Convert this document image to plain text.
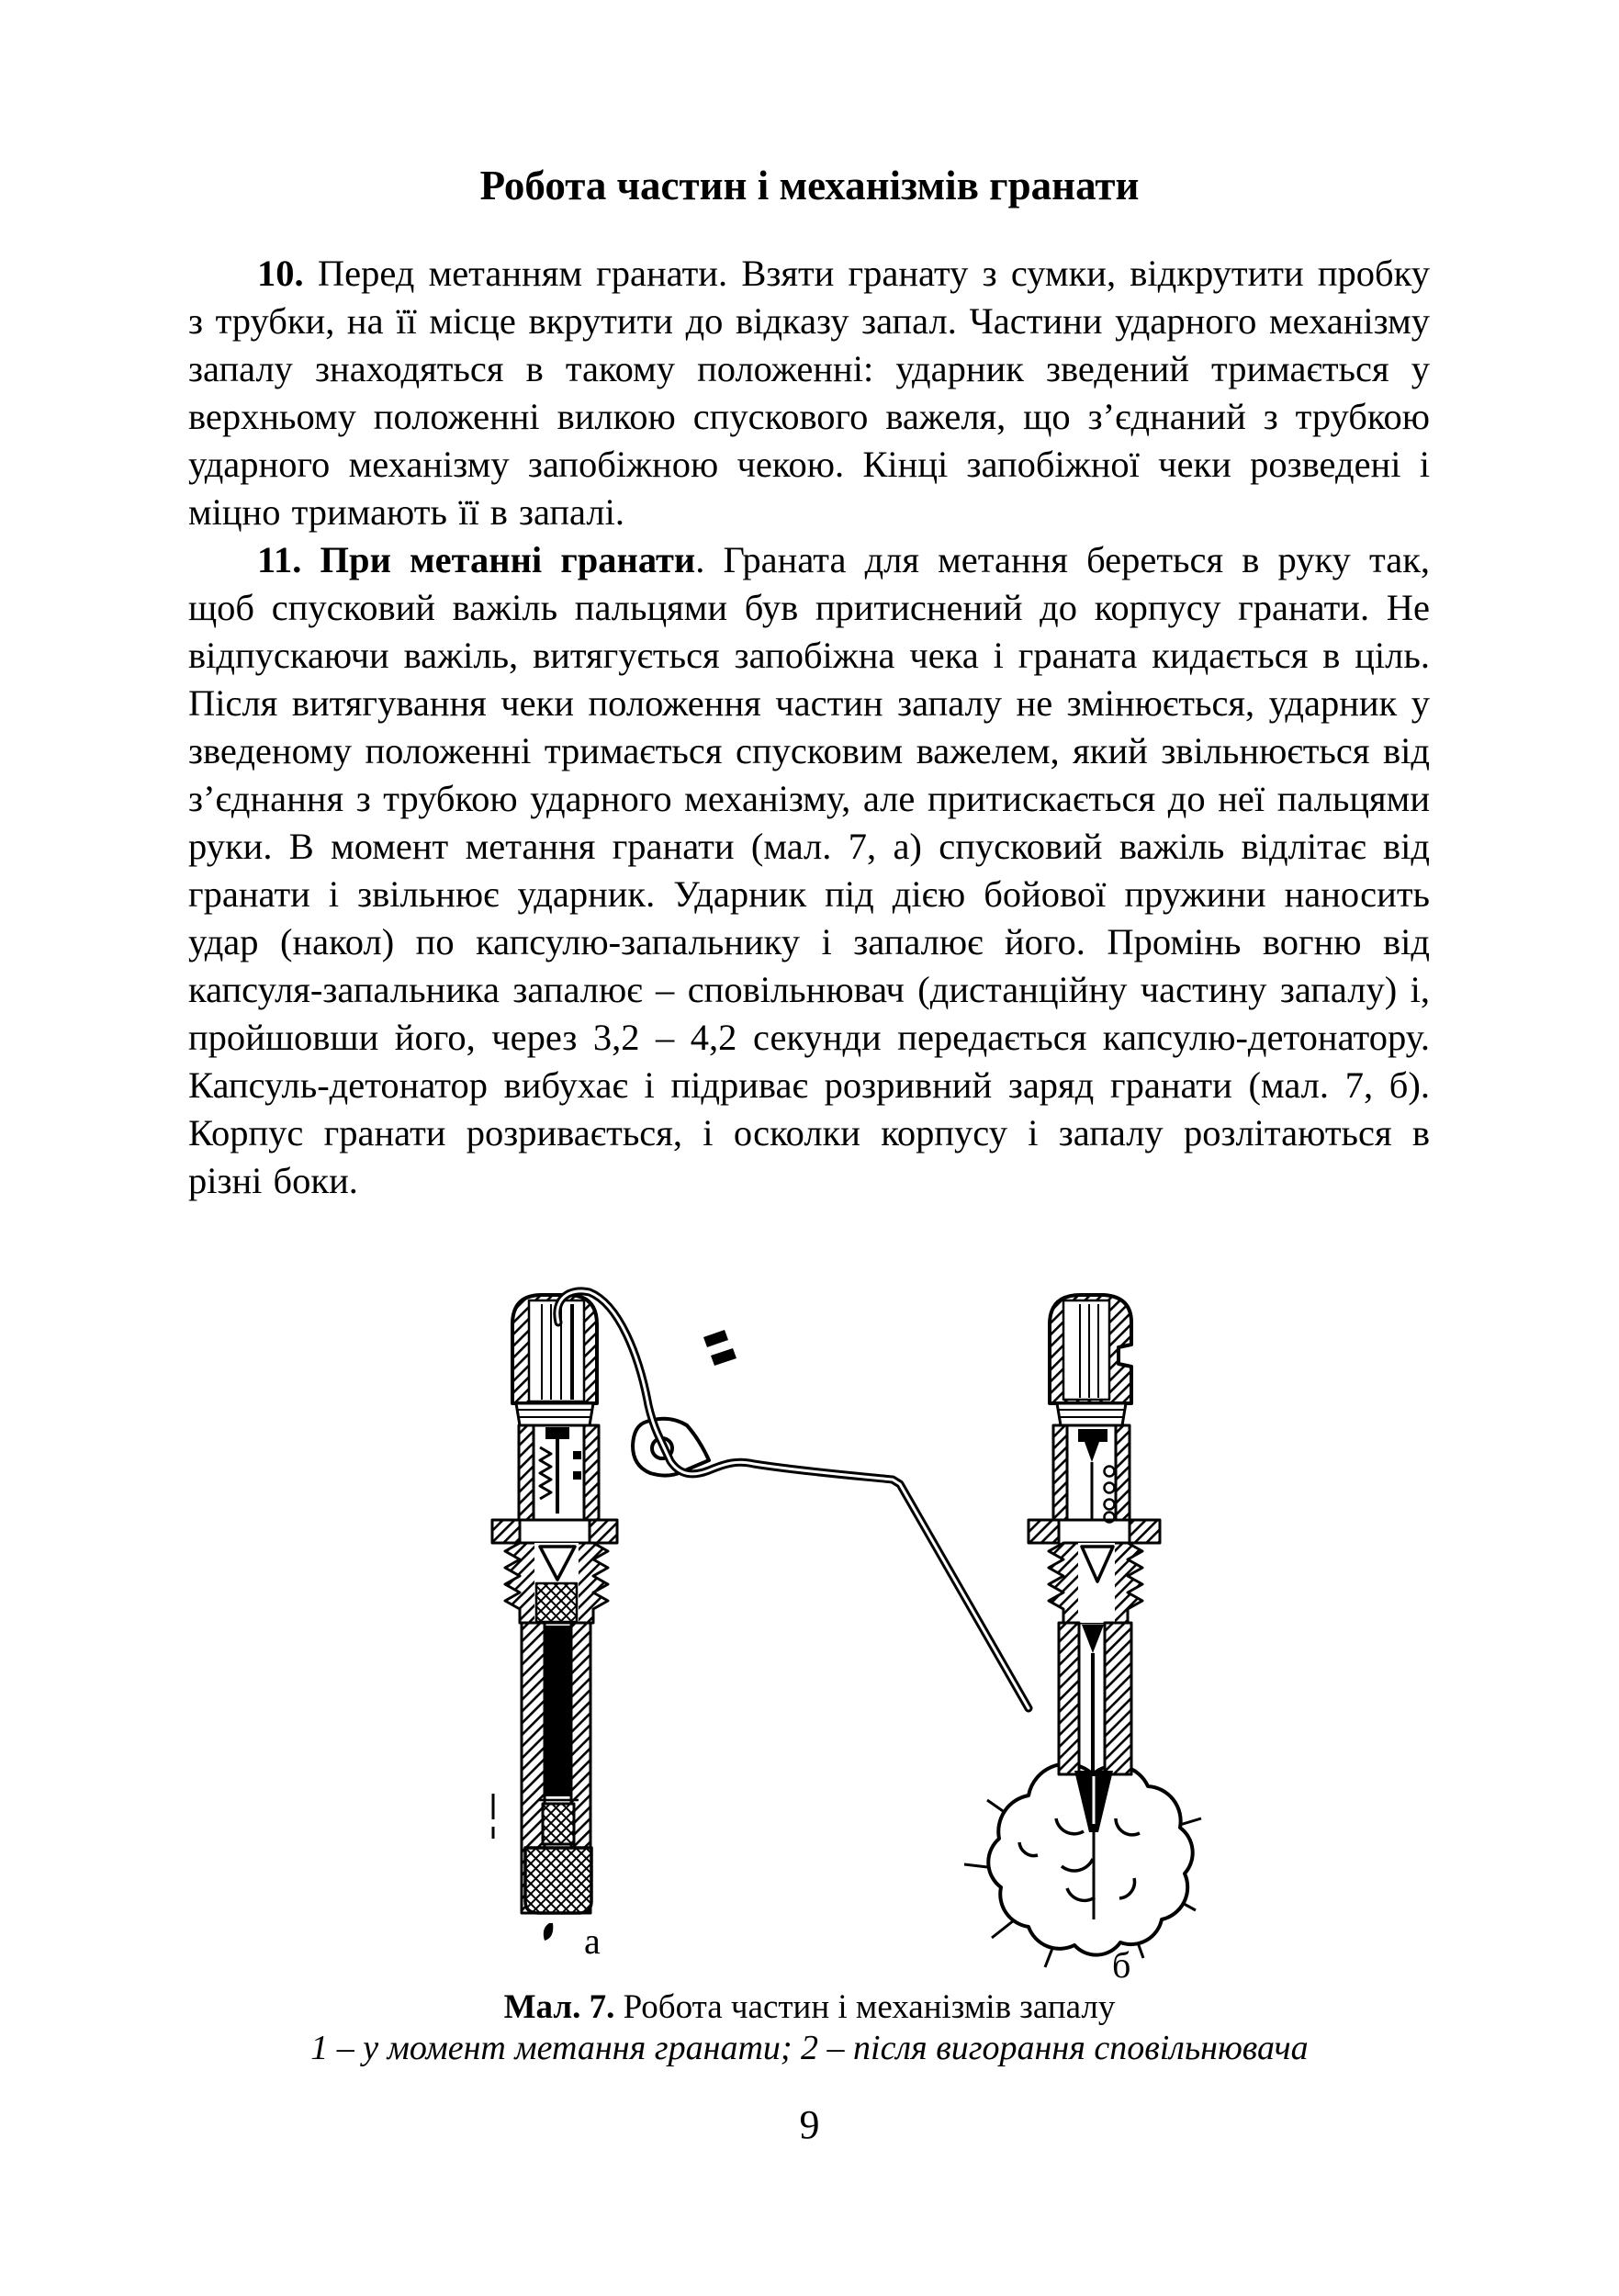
Робота частин і механізмів гранати

10. Перед метанням гранати. Взяти гранату з сумки, відкрутити пробку з трубки, на її місце вкрутити до відказу запал. Частини ударного механізму запалу знаходяться в такому положенні: ударник зведений тримається у верхньому положенні вилкою спускового важеля, що з’єднаний з трубкою ударного механізму запобіжною чекою. Кінці запобіжної чеки розведені і міцно тримають її в запалі.

11. При метанні гранати. Граната для метання береться в руку так, щоб спусковий важіль пальцями був притиснений до корпусу гранати. Не відпускаючи важіль, витягується запобіжна чека і граната кидається в ціль. Після витягування чеки положення частин запалу не змінюється, ударник у зведеному положенні тримається спусковим важелем, який звільнюється від з’єднання з трубкою ударного механізму, але притискається до неї пальцями руки. В момент метання гранати (мал. 7, а) спусковий важіль відлітає від гранати і звільнює ударник. Ударник під дією бойової пружини наносить удар (накол) по капсулю-запальнику і запалює його. Промінь вогню від капсуля-запальника запалює – сповільнювач (дистанційну частину запалу) і, пройшовши його, через 3,2 – 4,2 секунди передається капсулю-детонатору. Капсуль-детонатор вибухає і підриває розривний заряд гранати (мал. 7, б). Корпус гранати розривається, і осколки корпусу і запалу розлітаються в різні боки.

а
б
Мал. 7. Робота частин і механізмів запалу
1 – у момент метання гранати; 2 – після вигорання сповільнювача
9
